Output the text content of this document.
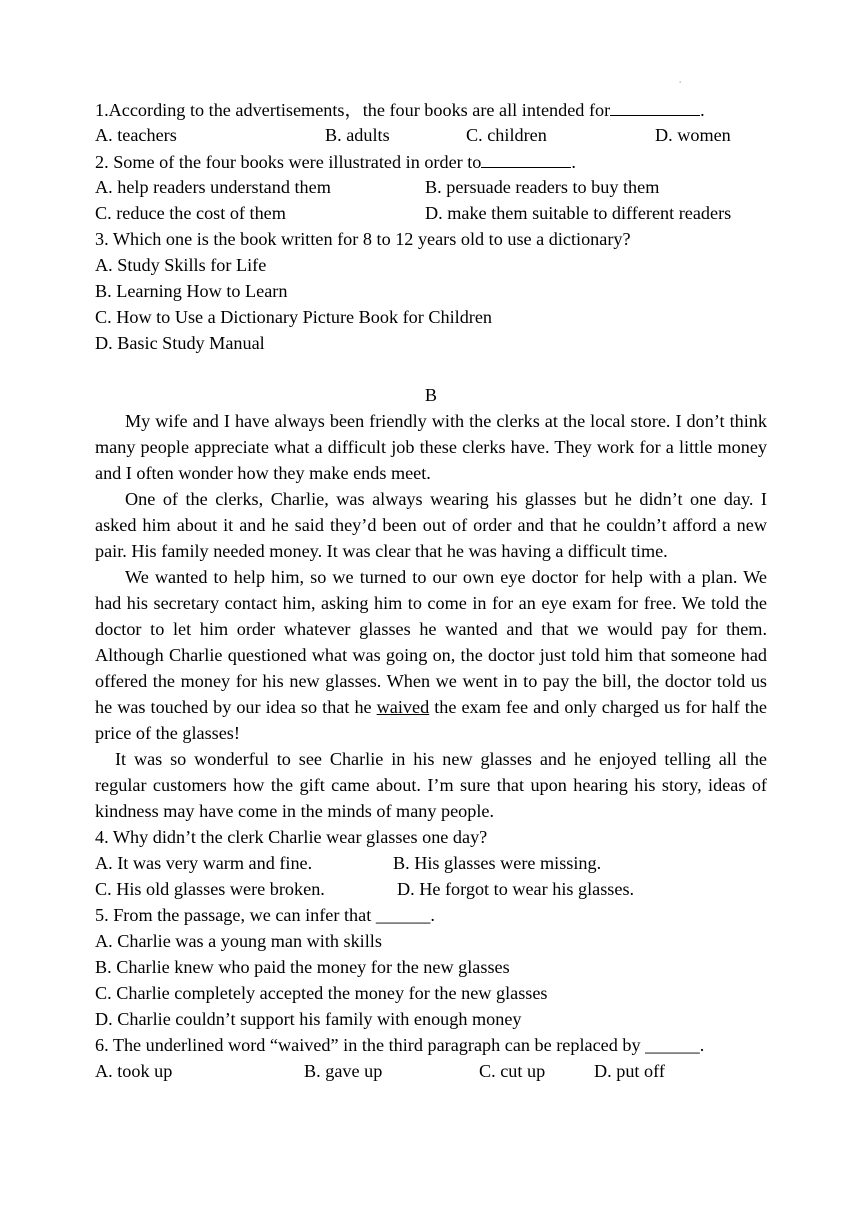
'
1.According to the advertisements，the four books are all intended for	.
A. teachers	B. adults	C. children	D. women
2. Some of the four books were illustrated in order to	.
A. help readers understand them	B. persuade readers to buy them
C. reduce the cost of them	D. make them suitable to different readers
3. Which one is the book written for 8 to 12 years old to use a dictionary?
A. Study Skills for Life
B. Learning How to Learn
C. How to Use a Dictionary Picture Book for Children
D. Basic Study Manual
B

My wife and I have always been friendly with the clerks at the local store. I don’t think many people appreciate what a difficult job these clerks have. They work for a little money and I often wonder how they make ends meet.

One of the clerks, Charlie, was always wearing his glasses but he didn’t one day. I asked him about it and he said they’d been out of order and that he couldn’t afford a new pair. His family needed money. It was clear that he was having a difficult time.

We wanted to help him, so we turned to our own eye doctor for help with a plan. We had his secretary contact him, asking him to come in for an eye exam for free. We told the doctor to let him order whatever glasses he wanted and that we would pay for them. Although Charlie questioned what was going on, the doctor just told him that someone had offered the money for his new glasses. When we went in to pay the bill, the doctor told us he was touched by our idea so that he waived the exam fee and only charged us for half the price of the glasses!

It was so wonderful to see Charlie in his new glasses and he enjoyed telling all the regular customers how the gift came about. I’m sure that upon hearing his story, ideas of kindness may have come in the minds of many people.

4. Why didn’t the clerk Charlie wear glasses one day?
A. It was very warm and fine.	B. His glasses were missing.
C. His old glasses were broken.	D. He forgot to wear his glasses.
5. From the passage, we can infer that ______.
A. Charlie was a young man with skills
B. Charlie knew who paid the money for the new glasses
C. Charlie completely accepted the money for the new glasses
D. Charlie couldn’t support his family with enough money
6. The underlined word “waived” in the third paragraph can be replaced by ______.
A. took up	B. gave up	C. cut up	D. put off
